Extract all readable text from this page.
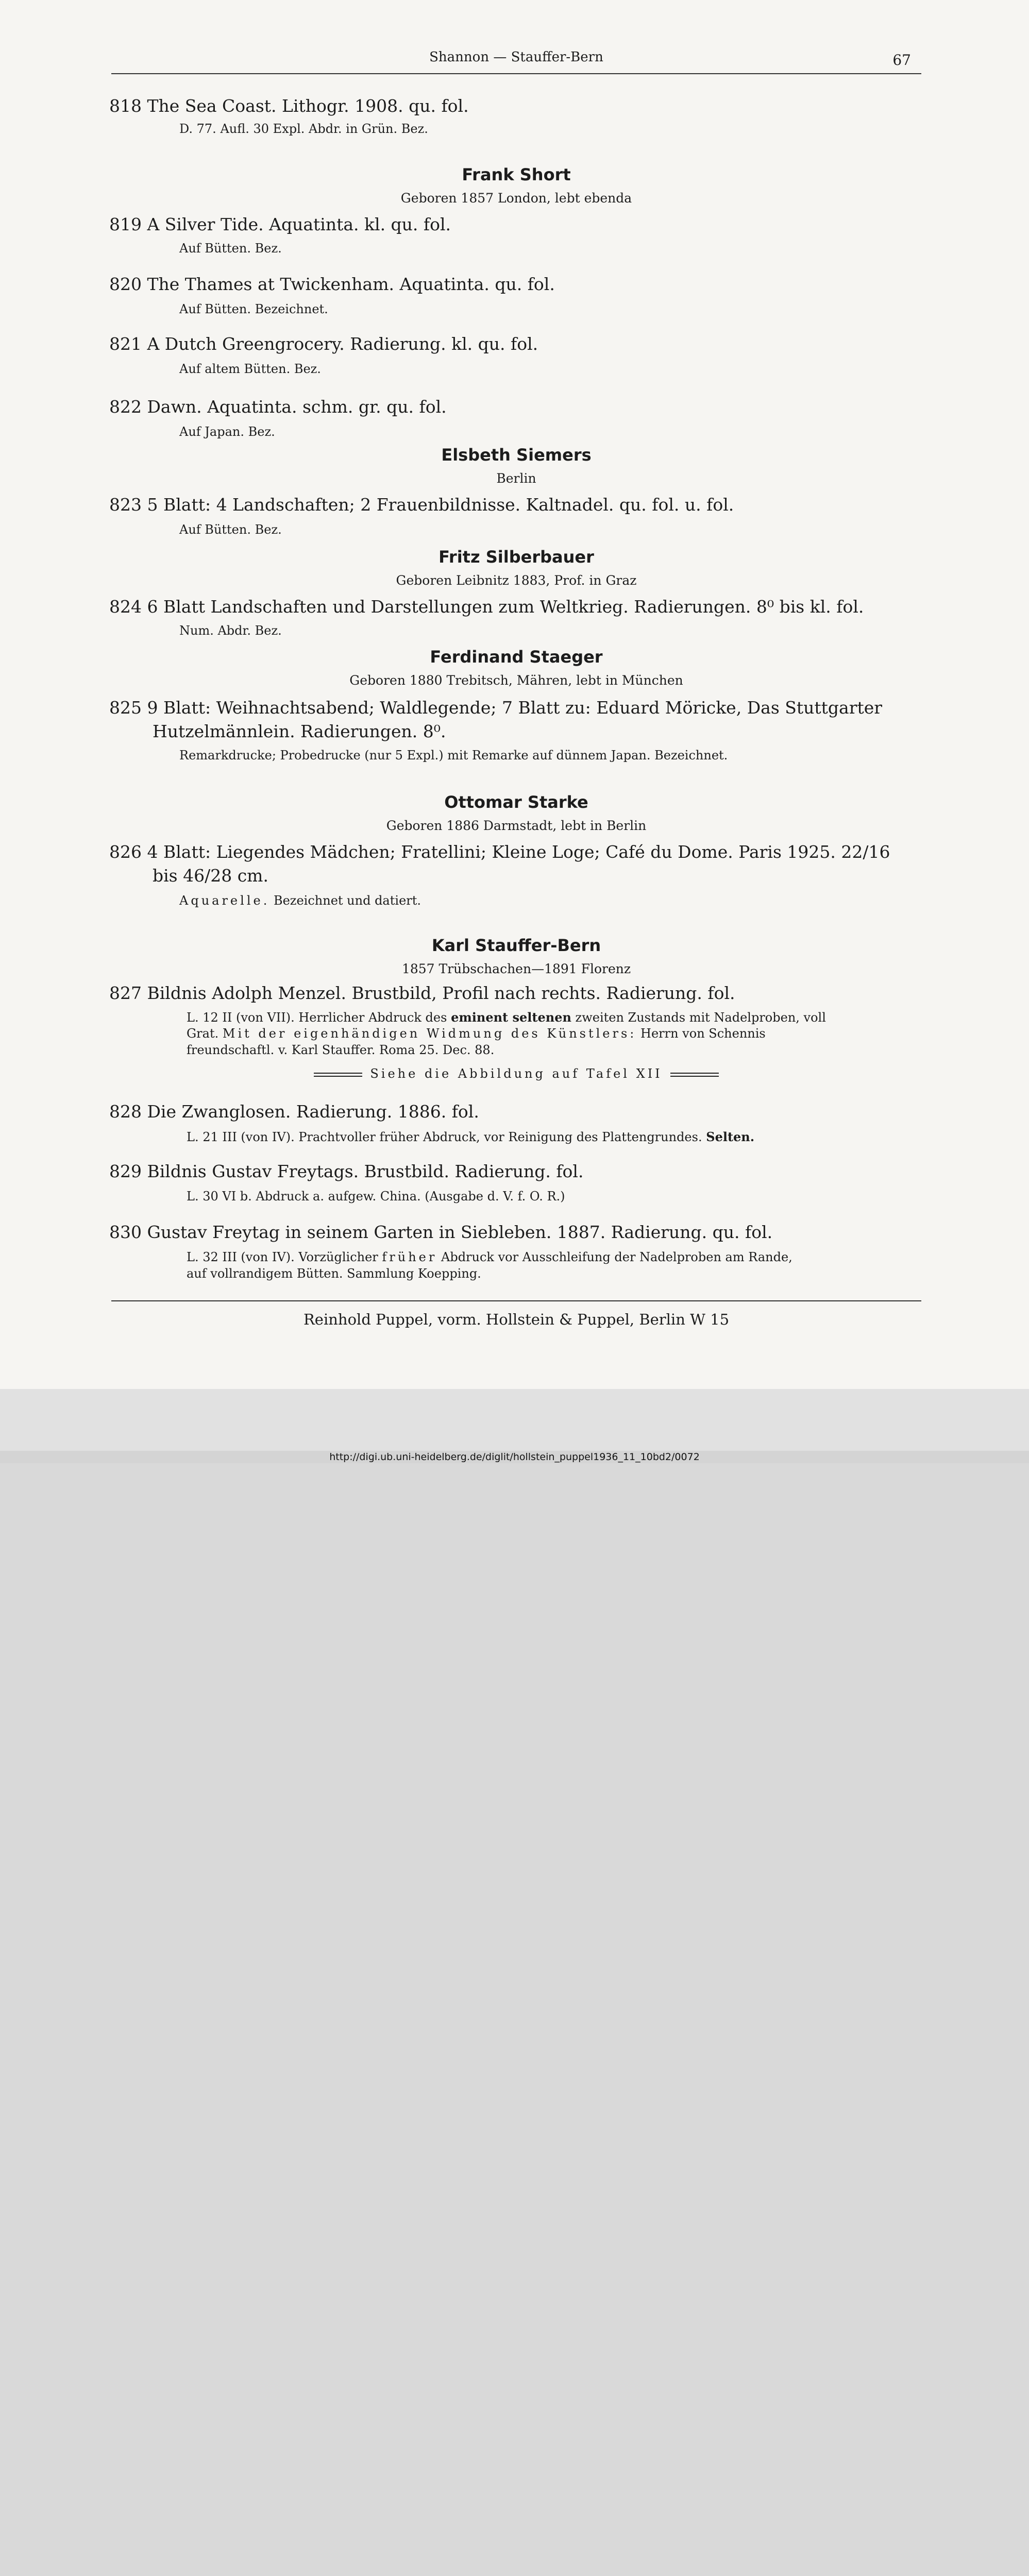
Shannon — Stauffer-Bern	67
818 The Sea Coast. Lithogr. 1908. qu. fol.
D. 77. Aufl. 30 Expl. Abdr. in Grün. Bez.
Frank Short
Geboren 1857 London, lebt ebenda
819 A Silver Tide. Aquatinta. kl. qu. fol.
Auf Bütten. Bez.
820 The Thames at Twickenham. Aquatinta. qu. fol.
Auf Bütten. Bezeichnet.
821 A Dutch Greengrocery. Radierung. kl. qu. fol.
Auf altem Bütten. Bez.
822 Dawn. Aquatinta. schm. gr. qu. fol.
Auf Japan. Bez.
Elsbeth Siemers
Berlin
823 5 Blatt: 4 Landschaften; 2 Frauenbildnisse. Kaltnadel. qu. fol. u. fol.
Auf Bütten. Bez.
Fritz Silberbauer
Geboren Leibnitz 1883, Prof. in Graz
824 6 Blatt Landschaften und Darstellungen zum Weltkrieg. Radierungen. 8⁰ bis kl. fol.
Num. Abdr. Bez.
Ferdinand Staeger
Geboren 1880 Trebitsch, Mähren, lebt in München
825 9 Blatt: Weihnachtsabend; Waldlegende; 7 Blatt zu: Eduard Möricke, Das Stuttgarter
Hutzelmännlein. Radierungen. 8⁰.
Remarkdrucke; Probedrucke (nur 5 Expl.) mit Remarke auf dünnem Japan. Bezeichnet.
Ottomar Starke
Geboren 1886 Darmstadt, lebt in Berlin
826 4 Blatt: Liegendes Mädchen; Fratellini; Kleine Loge; Café du Dome. Paris 1925. 22/16
bis 46/28 cm.
Aquarelle. Bezeichnet und datiert.
Karl Stauffer-Bern
1857 Trübschachen—1891 Florenz
827 Bildnis Adolph Menzel. Brustbild, Profil nach rechts. Radierung. fol.
L. 12 II (von VII). Herrlicher Abdruck des eminent seltenen zweiten Zustands mit Nadelproben, voll
Grat. Mit der eigenhändigen Widmung des Künstlers: Herrn von Schennis
freundschaftl. v. Karl Stauffer. Roma 25. Dec. 88.
Siehe die Abbildung auf Tafel XII
828 Die Zwanglosen. Radierung. 1886. fol.
L. 21 III (von IV). Prachtvoller früher Abdruck, vor Reinigung des Plattengrundes. Selten.
829 Bildnis Gustav Freytags. Brustbild. Radierung. fol.
L. 30 VI b. Abdruck a. aufgew. China. (Ausgabe d. V. f. O. R.)
830 Gustav Freytag in seinem Garten in Siebleben. 1887. Radierung. qu. fol.
L. 32 III (von IV). Vorzüglicher früher Abdruck vor Ausschleifung der Nadelproben am Rande,
auf vollrandigem Bütten. Sammlung Koepping.
Reinhold Puppel, vorm. Hollstein & Puppel, Berlin W 15
http://digi.ub.uni-heidelberg.de/diglit/hollstein_puppel1936_11_10bd2/0072
